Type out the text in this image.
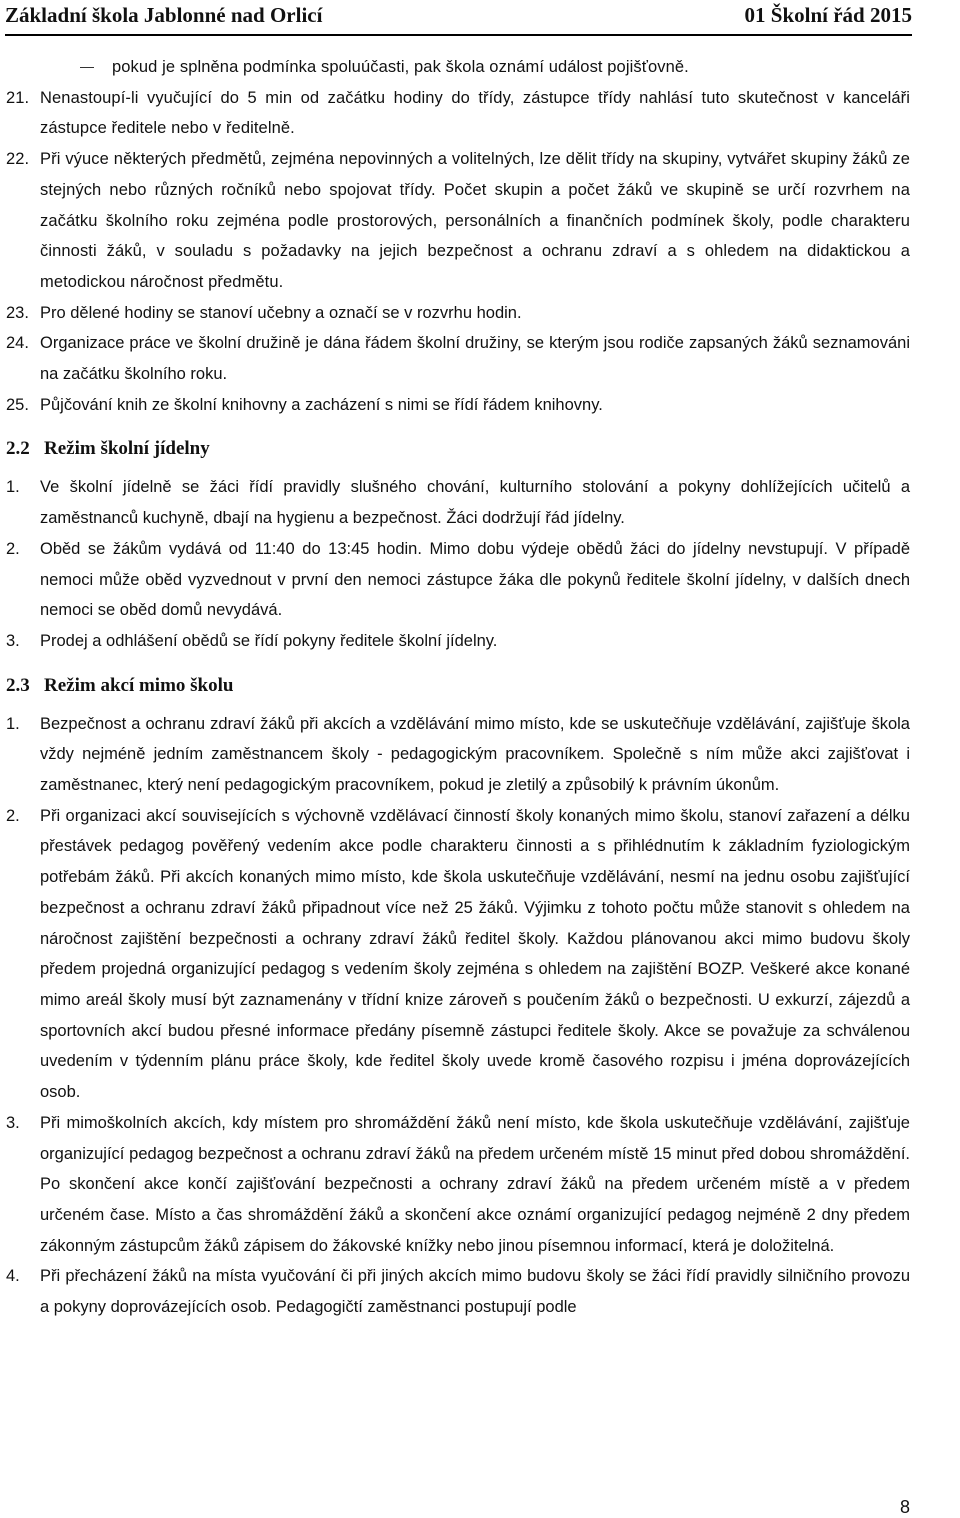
Základní škola Jablonné nad Orlicí	01 Školní řád 2015
pokud je splněna podmínka spoluúčasti, pak škola oznámí událost pojišťovně.
21. Nenastoupí-li vyučující do 5 min od začátku hodiny do třídy, zástupce třídy nahlásí tuto skutečnost v kanceláři zástupce ředitele nebo v ředitelně.
22. Při výuce některých předmětů, zejména nepovinných a volitelných, lze dělit třídy na skupiny, vytvářet skupiny žáků ze stejných nebo různých ročníků nebo spojovat třídy. Počet skupin a počet žáků ve skupině se určí rozvrhem na začátku školního roku zejména podle prostorových, personálních a finančních podmínek školy, podle charakteru činnosti žáků, v souladu s požadavky na jejich bezpečnost a ochranu zdraví a s ohledem na didaktickou a metodickou náročnost předmětu.
23. Pro dělené hodiny se stanoví učebny a označí se v rozvrhu hodin.
24. Organizace práce ve školní družině je dána řádem školní družiny, se kterým jsou rodiče zapsaných žáků seznamováni na začátku školního roku.
25. Půjčování knih ze školní knihovny a zacházení s nimi se řídí řádem knihovny.
2.2 Režim školní jídelny
1. Ve školní jídelně se žáci řídí pravidly slušného chování, kulturního stolování a pokyny dohlížejících učitelů a zaměstnanců kuchyně, dbají na hygienu a bezpečnost. Žáci dodržují řád jídelny.
2. Oběd se žákům vydává od 11:40 do 13:45 hodin. Mimo dobu výdeje obědů žáci do jídelny nevstupují. V případě nemoci může oběd vyzvednout v první den nemoci zástupce žáka dle pokynů ředitele školní jídelny, v dalších dnech nemoci se oběd domů nevydává.
3. Prodej a odhlášení obědů se řídí pokyny ředitele školní jídelny.
2.3 Režim akcí mimo školu
1. Bezpečnost a ochranu zdraví žáků při akcích a vzdělávání mimo místo, kde se uskutečňuje vzdělávání, zajišťuje škola vždy nejméně jedním zaměstnancem školy - pedagogickým pracovníkem. Společně s ním může akci zajišťovat i zaměstnanec, který není pedagogickým pracovníkem, pokud je zletilý a způsobilý k právním úkonům.
2. Při organizaci akcí souvisejících s výchovně vzdělávací činností školy konaných mimo školu, stanoví zařazení a délku přestávek pedagog pověřený vedením akce podle charakteru činnosti a s přihlédnutím k základním fyziologickým potřebám žáků. Při akcích konaných mimo místo, kde škola uskutečňuje vzdělávání, nesmí na jednu osobu zajišťující bezpečnost a ochranu zdraví žáků připadnout více než 25 žáků. Výjimku z tohoto počtu může stanovit s ohledem na náročnost zajištění bezpečnosti a ochrany zdraví žáků ředitel školy. Každou plánovanou akci mimo budovu školy předem projedná organizující pedagog s vedením školy zejména s ohledem na zajištění BOZP. Veškeré akce konané mimo areál školy musí být zaznamenány v třídní knize zároveň s poučením žáků o bezpečnosti. U exkurzí, zájezdů a sportovních akcí budou přesné informace předány písemně zástupci ředitele školy. Akce se považuje za schválenou uvedením v týdenním plánu práce školy, kde ředitel školy uvede kromě časového rozpisu i jména doprovázejících osob.
3. Při mimoškolních akcích, kdy místem pro shromáždění žáků není místo, kde škola uskutečňuje vzdělávání, zajišťuje organizující pedagog bezpečnost a ochranu zdraví žáků na předem určeném místě 15 minut před dobou shromáždění. Po skončení akce končí zajišťování bezpečnosti a ochrany zdraví žáků na předem určeném místě a v předem určeném čase. Místo a čas shromáždění žáků a skončení akce oznámí organizující pedagog nejméně 2 dny předem zákonným zástupcům žáků zápisem do žákovské knížky nebo jinou písemnou informací, která je doložitelná.
4. Při přecházení žáků na místa vyučování či při jiných akcích mimo budovu školy se žáci řídí pravidly silničního provozu a pokyny doprovázejících osob. Pedagogičtí zaměstnanci postupují podle
8
